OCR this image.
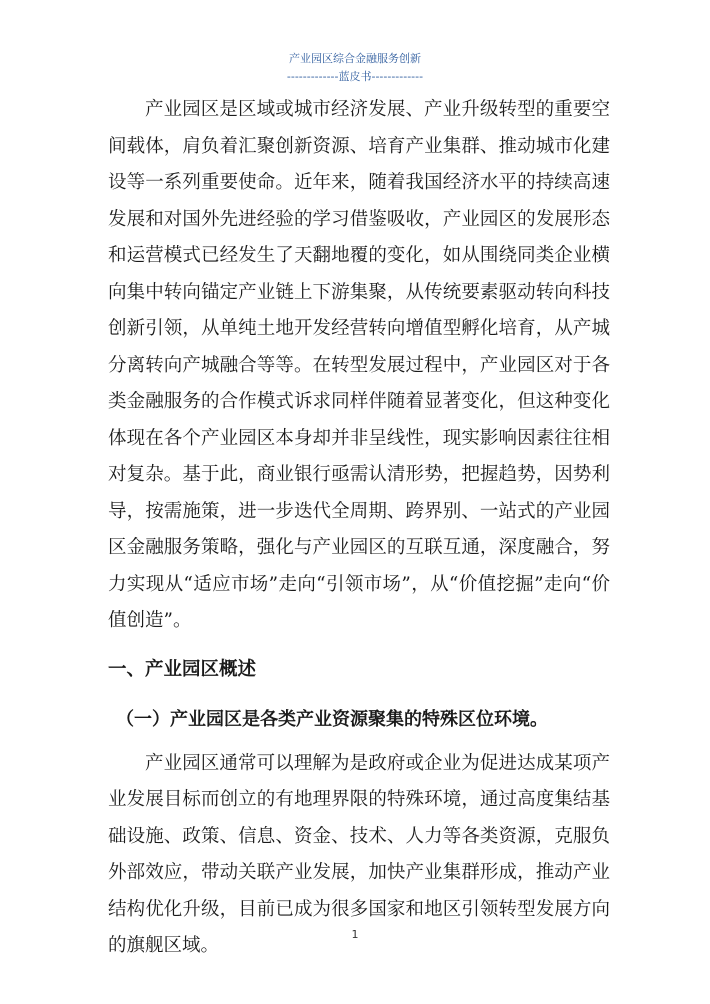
产业园区综合金融服务创新
-------------蓝皮书-------------

产业园区是区域或城市经济发展、产业升级转型的重要空间载体，肩负着汇聚创新资源、培育产业集群、推动城市化建设等一系列重要使命。近年来，随着我国经济水平的持续高速发展和对国外先进经验的学习借鉴吸收，产业园区的发展形态和运营模式已经发生了天翻地覆的变化，如从围绕同类企业横向集中转向锚定产业链上下游集聚，从传统要素驱动转向科技创新引领，从单纯土地开发经营转向增值型孵化培育，从产城分离转向产城融合等等。在转型发展过程中，产业园区对于各类金融服务的合作模式诉求同样伴随着显著变化，但这种变化体现在各个产业园区本身却并非呈线性，现实影响因素往往相对复杂。基于此，商业银行亟需认清形势，把握趋势，因势利导，按需施策，进一步迭代全周期、跨界别、一站式的产业园区金融服务策略，强化与产业园区的互联互通，深度融合，努力实现从“适应市场”走向“引领市场”，从“价值挖掘”走向“价值创造”。

一、产业园区概述
（一）产业园区是各类产业资源聚集的特殊区位环境。

产业园区通常可以理解为是政府或企业为促进达成某项产业发展目标而创立的有地理界限的特殊环境，通过高度集结基础设施、政策、信息、资金、技术、人力等各类资源，克服负外部效应，带动关联产业发展，加快产业集群形成，推动产业结构优化升级，目前已成为很多国家和地区引领转型发展方向的旗舰区域。

1
